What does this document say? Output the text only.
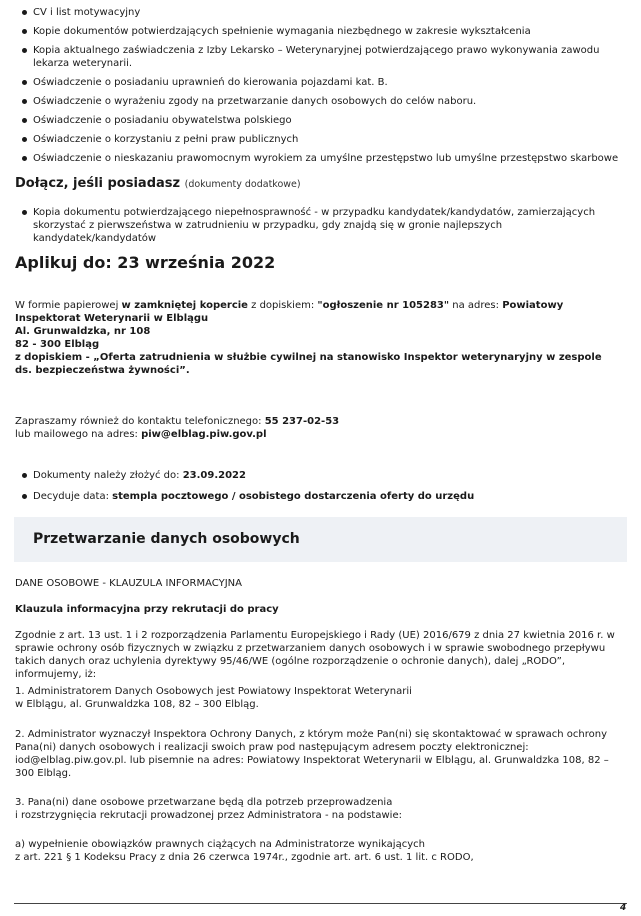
CV i list motywacyjny
Kopie dokumentów potwierdzających spełnienie wymagania niezbędnego w zakresie wykształcenia
Kopia aktualnego zaświadczenia z Izby Lekarsko – Weterynaryjnej potwierdzającego prawo wykonywania zawodu lekarza weterynarii.
Oświadczenie o posiadaniu uprawnień do kierowania pojazdami kat. B.
Oświadczenie o wyrażeniu zgody na przetwarzanie danych osobowych do celów naboru.
Oświadczenie o posiadaniu obywatelstwa polskiego
Oświadczenie o korzystaniu z pełni praw publicznych
Oświadczenie o nieskazaniu prawomocnym wyrokiem za umyślne przestępstwo lub umyślne przestępstwo skarbowe
Dołącz, jeśli posiadasz (dokumenty dodatkowe)
Kopia dokumentu potwierdzającego niepełnosprawność - w przypadku kandydatek/kandydatów, zamierzających skorzystać z pierwszeństwa w zatrudnieniu w przypadku, gdy znajdą się w gronie najlepszych kandydatek/kandydatów
Aplikuj do: 23 września 2022
W formie papierowej w zamkniętej kopercie z dopiskiem: "ogłoszenie nr 105283" na adres: Powiatowy Inspektorat Weterynarii w Elblągu
Al. Grunwaldzka, nr 108
82 - 300 Elbląg
z dopiskiem - „Oferta zatrudnienia w służbie cywilnej na stanowisko Inspektor weterynaryjny w zespole ds. bezpieczeństwa żywności”.
Zapraszamy również do kontaktu telefonicznego: 55 237-02-53
lub mailowego na adres: piw@elblag.piw.gov.pl
Dokumenty należy złożyć do: 23.09.2022
Decyduje data: stempla pocztowego / osobistego dostarczenia oferty do urzędu
Przetwarzanie danych osobowych
DANE OSOBOWE - KLAUZULA INFORMACYJNA
Klauzula informacyjna przy rekrutacji do pracy
Zgodnie z art. 13 ust. 1 i 2 rozporządzenia Parlamentu Europejskiego i Rady (UE) 2016/679 z dnia 27 kwietnia 2016 r. w sprawie ochrony osób fizycznych w związku z przetwarzaniem danych osobowych i w sprawie swobodnego przepływu takich danych oraz uchylenia dyrektywy 95/46/WE (ogólne rozporządzenie o ochronie danych), dalej „RODO”, informujemy, iż:
1. Administratorem Danych Osobowych jest Powiatowy Inspektorat Weterynarii
w Elblągu, al. Grunwaldzka 108, 82 – 300 Elbląg.
2. Administrator wyznaczył Inspektora Ochrony Danych, z którym może Pan(ni) się skontaktować w sprawach ochrony Pana(ni) danych osobowych i realizacji swoich praw pod następującym adresem poczty elektronicznej: iod@elblag.piw.gov.pl. lub pisemnie na adres: Powiatowy Inspektorat Weterynarii w Elblągu, al. Grunwaldzka 108, 82 – 300 Elbląg.
3. Pana(ni) dane osobowe przetwarzane będą dla potrzeb przeprowadzenia
i rozstrzygnięcia rekrutacji prowadzonej przez Administratora - na podstawie:
a) wypełnienie obowiązków prawnych ciążących na Administratorze wynikających
z art. 221 § 1 Kodeksu Pracy z dnia 26 czerwca 1974r., zgodnie art. art. 6 ust. 1 lit. c RODO,
4
